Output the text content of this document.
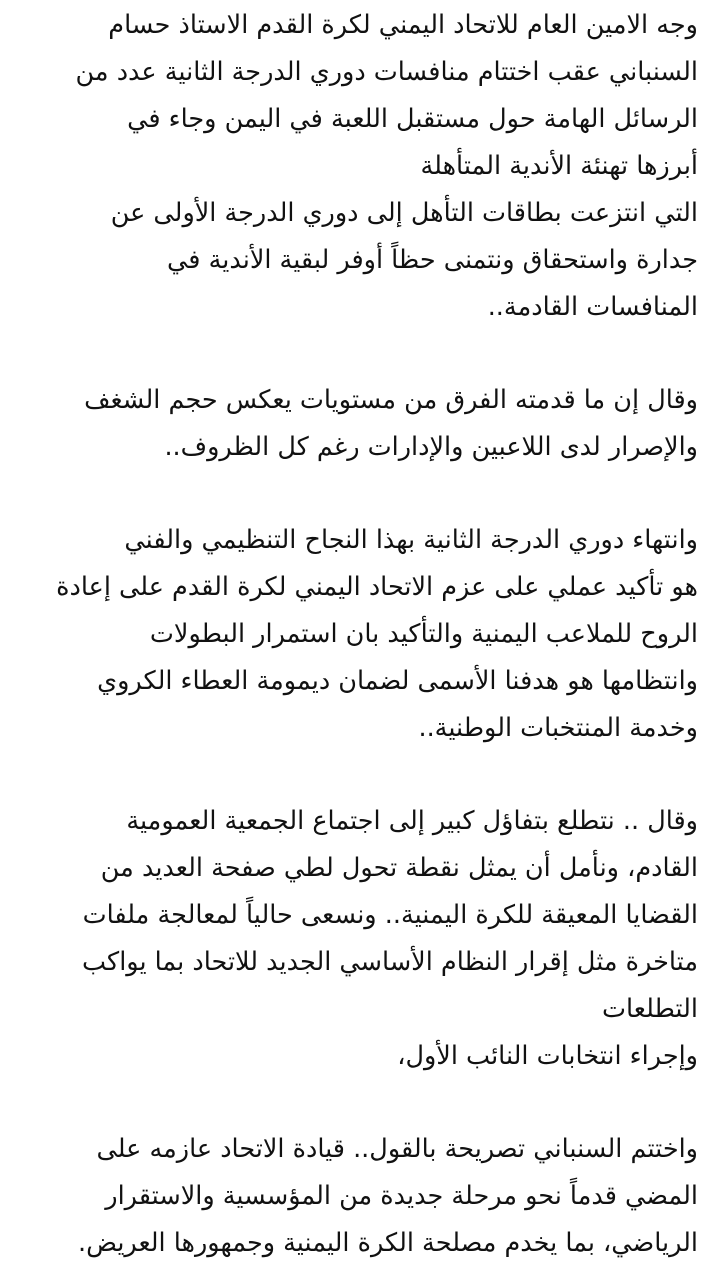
وجه الامين العام للاتحاد اليمني لكرة القدم الاستاذ حسام
السنباني عقب اختتام منافسات دوري الدرجة الثانية عدد من
الرسائل الهامة حول مستقبل اللعبة في اليمن وجاء في
أبرزها تهنئة الأندية المتأهلة
التي انتزعت بطاقات التأهل إلى دوري الدرجة الأولى عن
جدارة واستحقاق ونتمنى حظاً أوفر لبقية الأندية في
المنافسات القادمة..
وقال إن ما قدمته الفرق من مستويات يعكس حجم الشغف
والإصرار لدى اللاعبين والإدارات رغم كل الظروف..
وانتهاء دوري الدرجة الثانية بهذا النجاح التنظيمي والفني
هو تأكيد عملي على عزم الاتحاد اليمني لكرة القدم على إعادة
الروح للملاعب اليمنية والتأكيد بان استمرار البطولات
وانتظامها هو هدفنا الأسمى لضمان ديمومة العطاء الكروي
وخدمة المنتخبات الوطنية..
وقال .. نتطلع بتفاؤل كبير إلى اجتماع الجمعية العمومية
القادم، ونأمل أن يمثل نقطة تحول لطي صفحة العديد من
القضايا المعيقة للكرة اليمنية.. ونسعى حالياً لمعالجة ملفات
متاخرة مثل إقرار النظام الأساسي الجديد للاتحاد بما يواكب
التطلعات
وإجراء انتخابات النائب الأول،
واختتم السنباني تصريحة بالقول.. قيادة الاتحاد عازمه على
المضي قدماً نحو مرحلة جديدة من المؤسسية والاستقرار
الرياضي، بما يخدم مصلحة الكرة اليمنية وجمهورها العريض.
